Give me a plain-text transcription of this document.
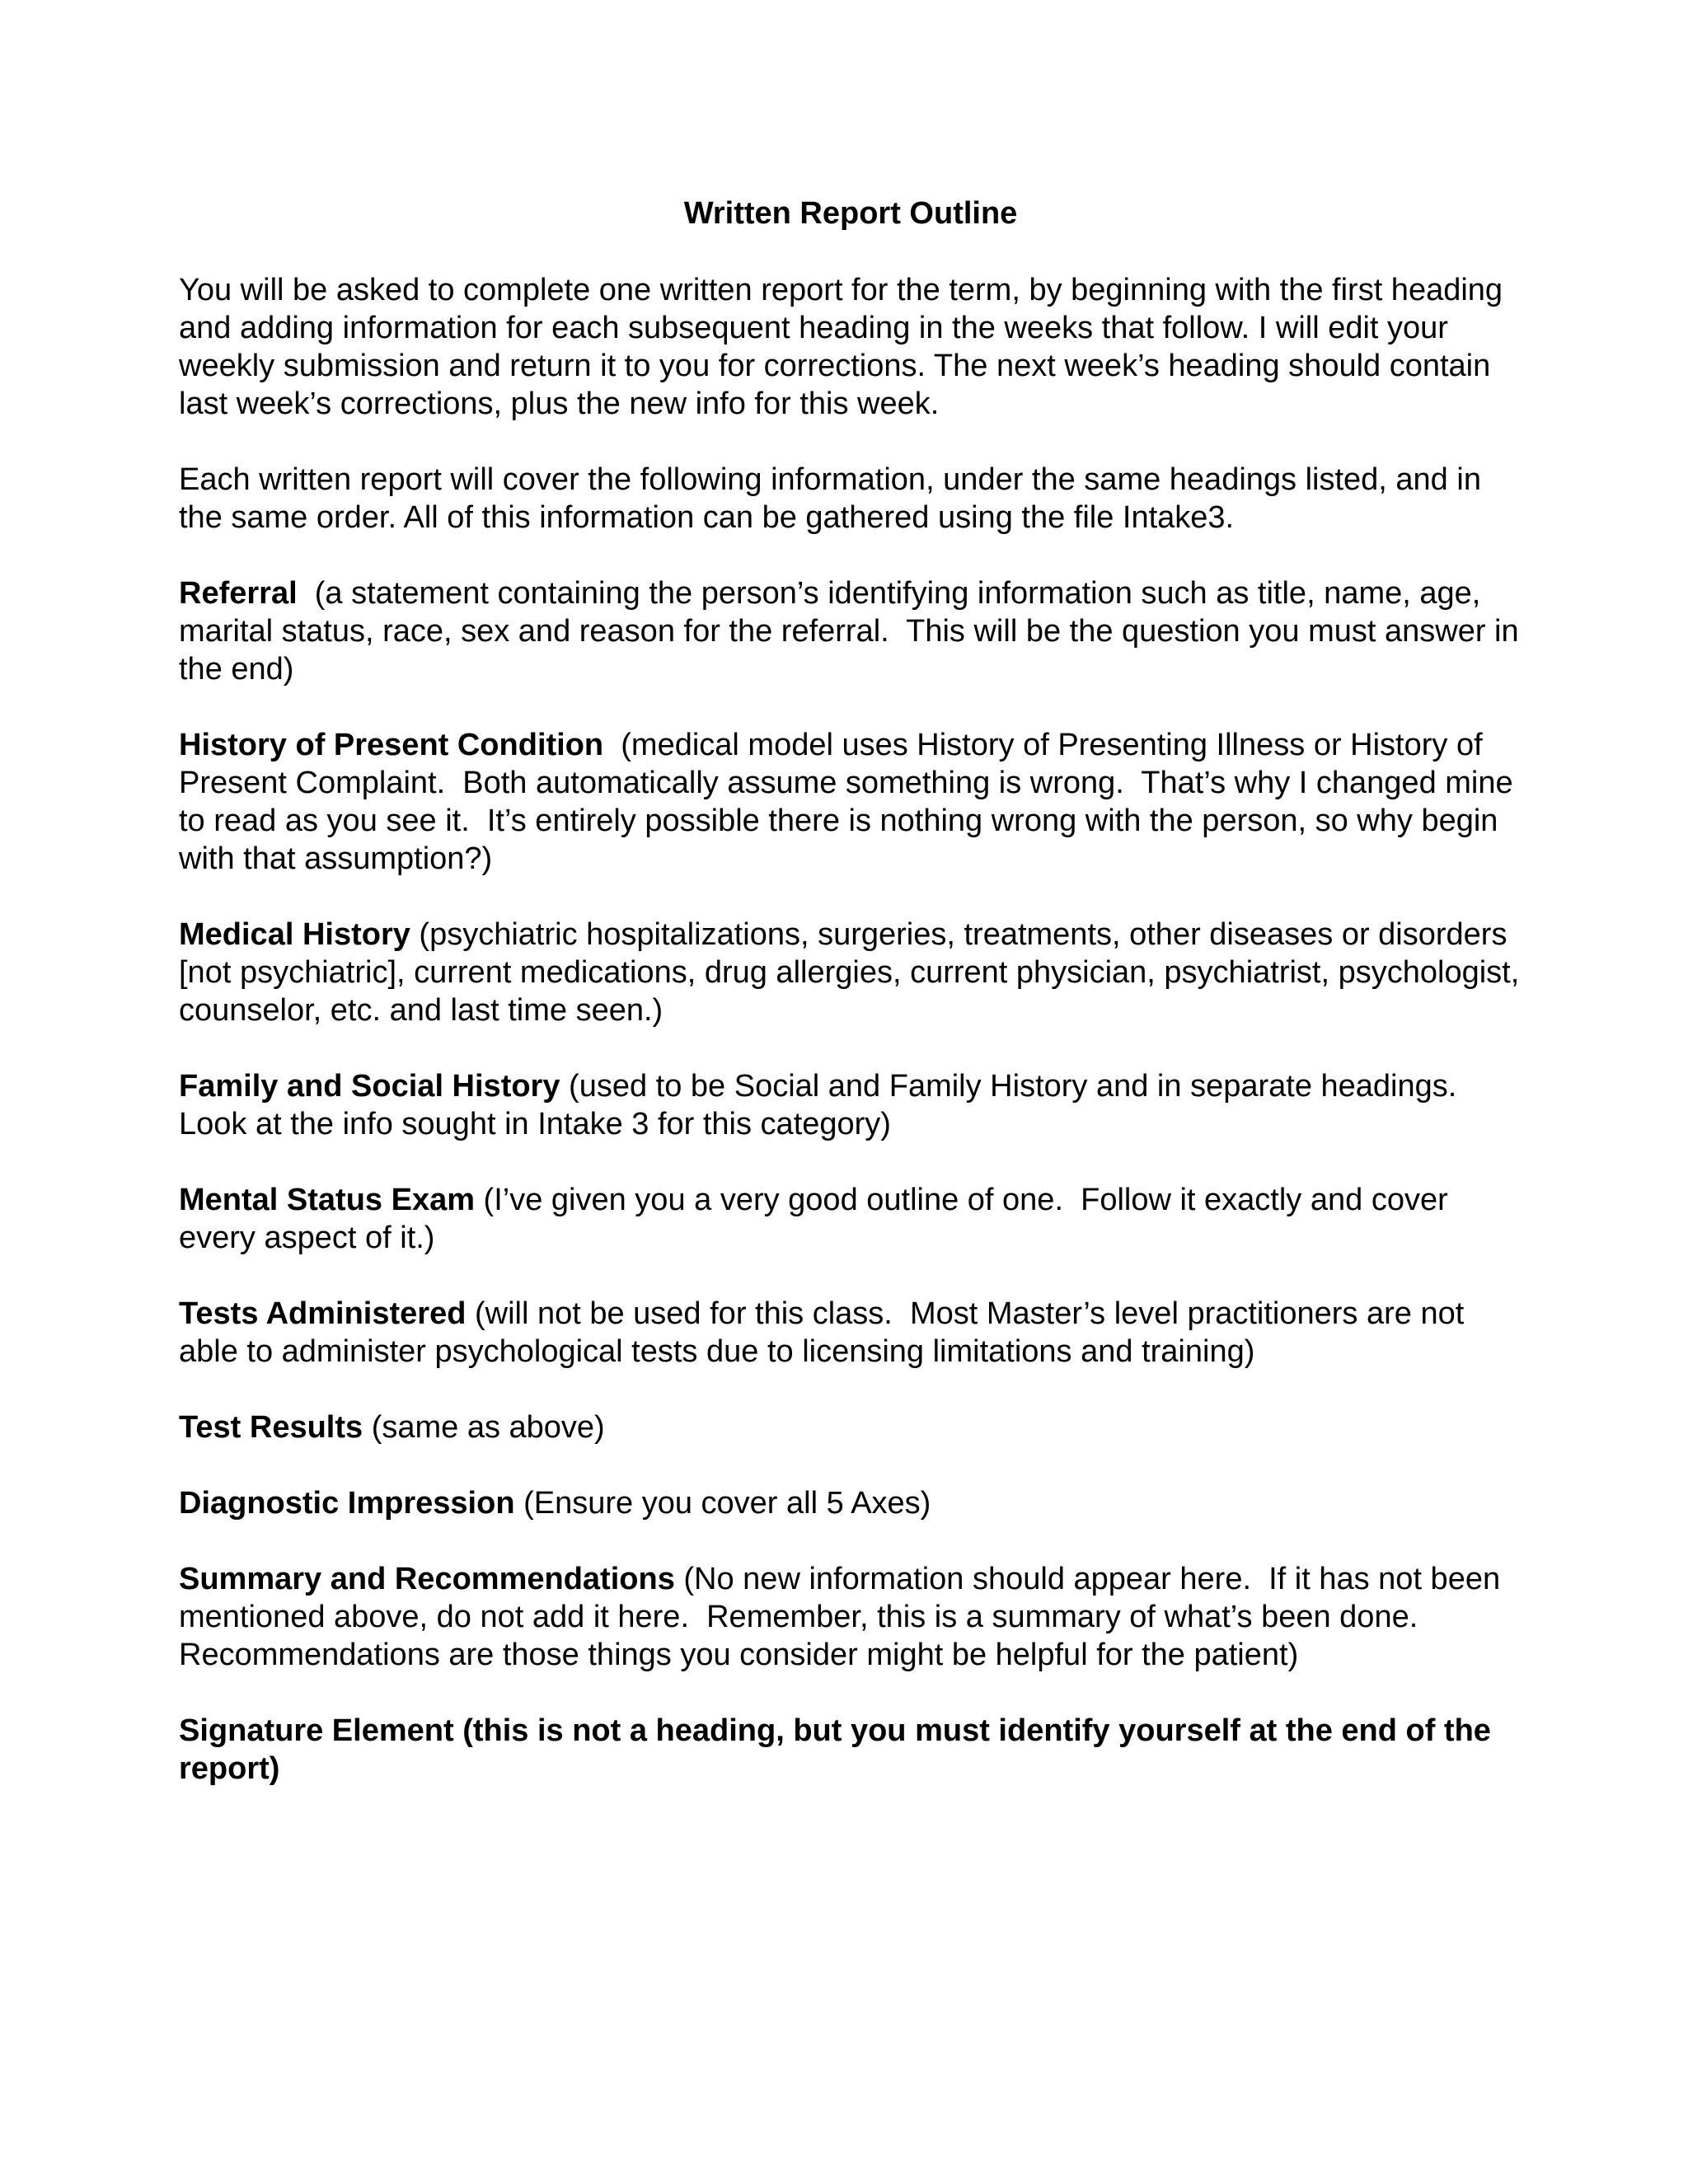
Written Report Outline
You will be asked to complete one written report for the term, by beginning with the first heading and adding information for each subsequent heading in the weeks that follow. I will edit your weekly submission and return it to you for corrections. The next week’s heading should contain last week’s corrections, plus the new info for this week.
Each written report will cover the following information, under the same headings listed, and in the same order. All of this information can be gathered using the file Intake3.
Referral  (a statement containing the person’s identifying information such as title, name, age, marital status, race, sex and reason for the referral.  This will be the question you must answer in the end)
History of Present Condition  (medical model uses History of Presenting Illness or History of Present Complaint.  Both automatically assume something is wrong.  That’s why I changed mine to read as you see it.  It’s entirely possible there is nothing wrong with the person, so why begin with that assumption?)
Medical History (psychiatric hospitalizations, surgeries, treatments, other diseases or disorders [not psychiatric], current medications, drug allergies, current physician, psychiatrist, psychologist, counselor, etc. and last time seen.)
Family and Social History (used to be Social and Family History and in separate headings.  Look at the info sought in Intake 3 for this category)
Mental Status Exam (I’ve given you a very good outline of one.  Follow it exactly and cover every aspect of it.)
Tests Administered (will not be used for this class.  Most Master’s level practitioners are not able to administer psychological tests due to licensing limitations and training)
Test Results (same as above)
Diagnostic Impression (Ensure you cover all 5 Axes)
Summary and Recommendations (No new information should appear here.  If it has not been mentioned above, do not add it here.  Remember, this is a summary of what’s been done.  Recommendations are those things you consider might be helpful for the patient)
Signature Element (this is not a heading, but you must identify yourself at the end of the report)
